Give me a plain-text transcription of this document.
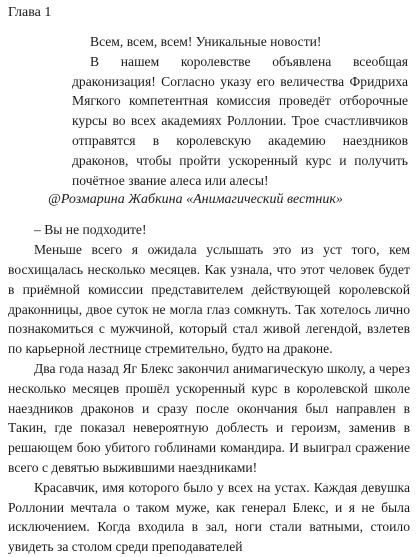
Глава 1

Всем, всем, всем! Уникальные новости!

В нашем королевстве объявлена всеобщая драконизация! Согласно указу его величества Фридриха Мягкого компетентная комиссия проведёт отборочные курсы во всех академиях Роллонии. Трое счастливчиков отправятся в королевскую академию наездников драконов, чтобы пройти ускоренный курс и получить почётное звание алеса или алесы!

@Розмарина Жабкина «Анимагический вестник»

– Вы не подходите!

Меньше всего я ожидала услышать это из уст того, кем восхищалась несколько месяцев. Как узнала, что этот человек будет в приёмной комиссии представителем действующей королевской драконницы, двое суток не могла глаз сомкнуть. Так хотелось лично познакомиться с мужчиной, который стал живой легендой, взлетев по карьерной лестнице стремительно, будто на драконе.

Два года назад Яг Блекс закончил анимагическую школу, а через несколько месяцев прошёл ускоренный курс в королевской школе наездников драконов и сразу после окончания был направлен в Такин, где показал невероятную доблесть и героизм, заменив в решающем бою убитого гоблинами командира. И выиграл сражение всего с девятью выжившими наездниками!

Красавчик, имя которого было у всех на устах. Каждая девушка Роллонии мечтала о таком муже, как генерал Блекс, и я не была исключением. Когда входила в зал, ноги стали ватными, стоило увидеть за столом среди преподавателей
